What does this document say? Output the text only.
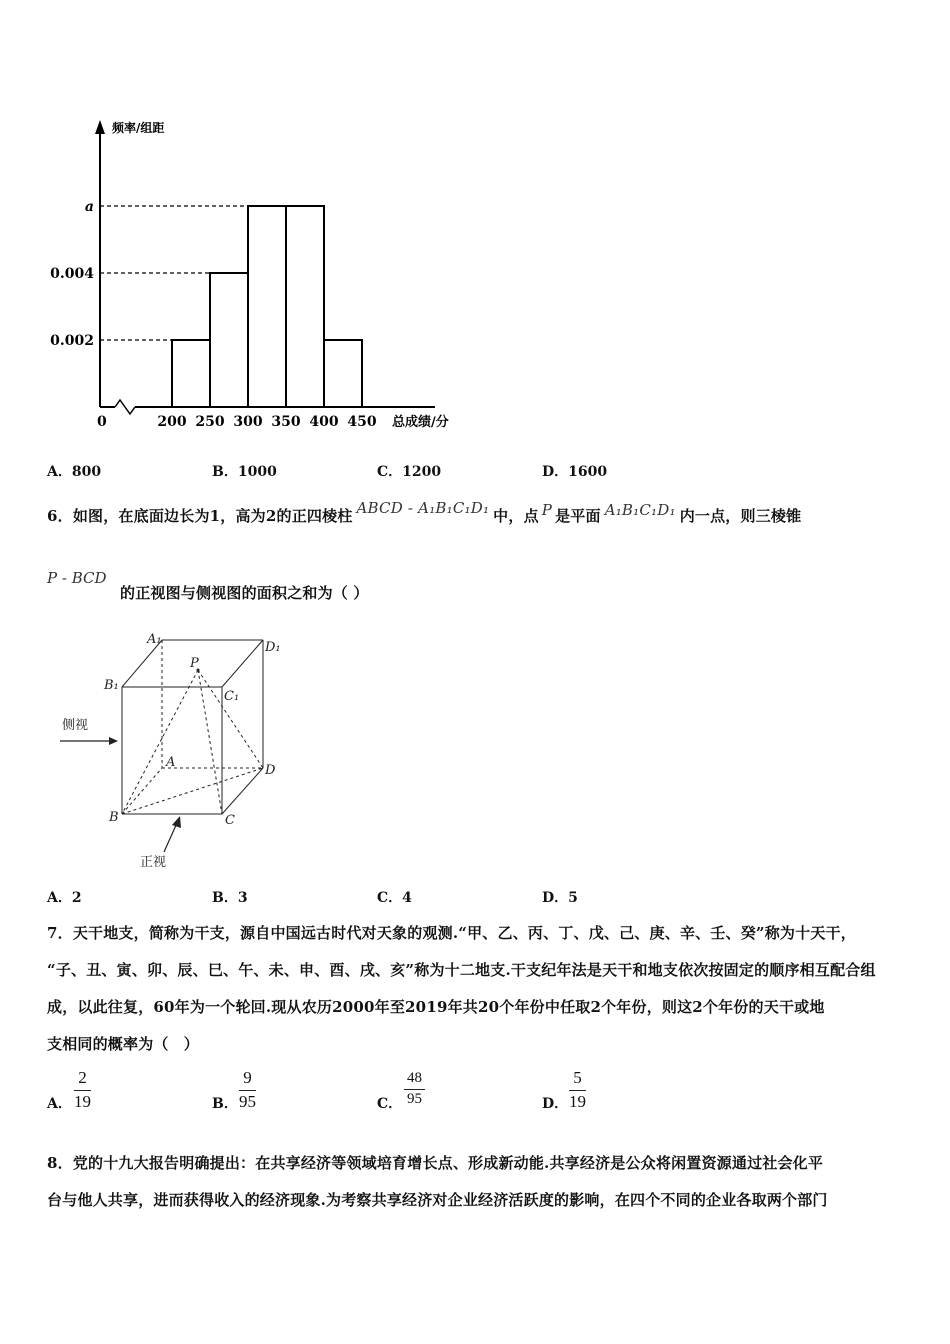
频率/组距
总成绩/分
0
a
0.004
0.002
200 250 300 350 400 450
A．800	B．1000	C．1200	D．1600
6．如图，在底面边长为1，高为2的正四棱柱 ABCD - A₁B₁C₁D₁ 中，点 P 是平面 A₁B₁C₁D₁ 内一点，则三棱锥
P - BCD
的正视图与侧视图的面积之和为（ ）
A₁
D₁
B₁
C₁
P
A
D
B	C
侧视
正视
A．2	B．3	C．4	D．5
7．天干地支，简称为干支，源自中国远古时代对天象的观测.“甲、乙、丙、丁、戊、己、庚、辛、壬、癸”称为十天干，
“子、丑、寅、卯、辰、巳、午、未、申、酉、戌、亥”称为十二地支.干支纪年法是天干和地支依次按固定的顺序相互配合组
成，以此往复，60年为一个轮回.现从农历2000年至2019年共20个年份中任取2个年份，则这2个年份的天干或地
支相同的概率为（　）
A． $\frac{2}{19}$	B． $\frac{9}{95}$	C． $\frac{48}{95}$	D． $\frac{5}{19}$
8．党的十九大报告明确提出：在共享经济等领域培育增长点、形成新动能.共享经济是公众将闲置资源通过社会化平
台与他人共享，进而获得收入的经济现象.为考察共享经济对企业经济活跃度的影响，在四个不同的企业各取两个部门
